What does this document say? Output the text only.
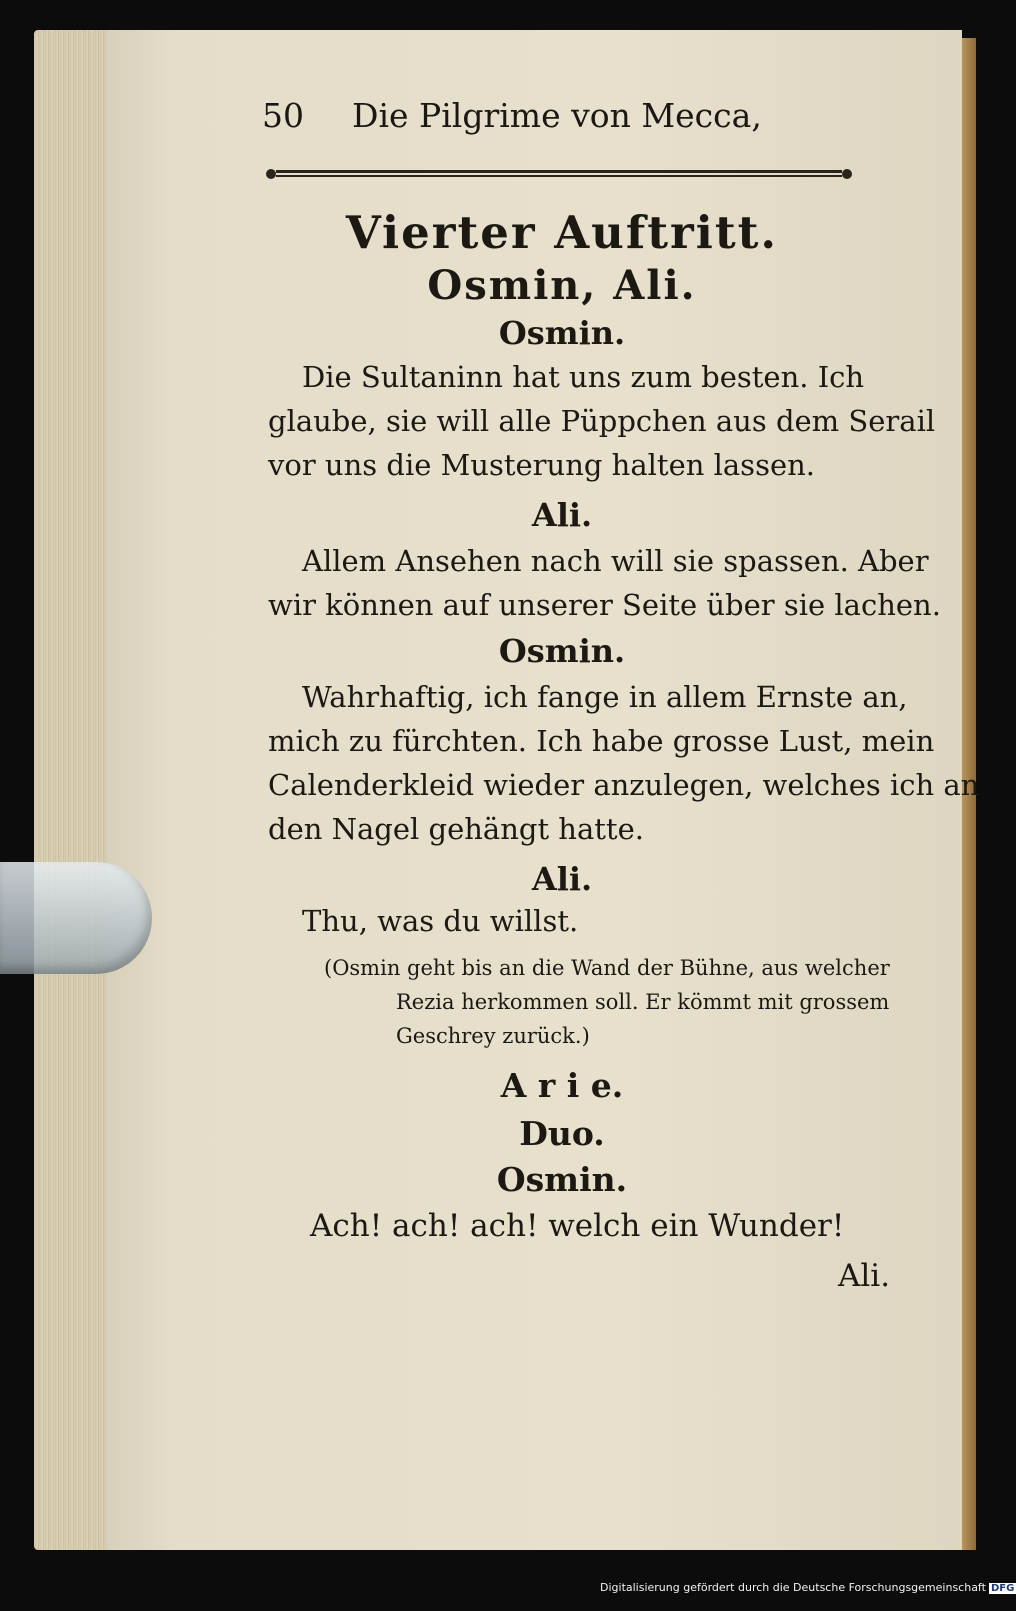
50 Die Pilgrime von Mecca,
Vierter Auftritt.
Osmin, Ali.
Osmin.
Die Sultaninn hat uns zum besten. Ich
glaube, sie will alle Püppchen aus dem Serail
vor uns die Musterung halten lassen.
Ali.
Allem Ansehen nach will sie spassen. Aber
wir können auf unserer Seite über sie lachen.
Osmin.
Wahrhaftig, ich fange in allem Ernste an,
mich zu fürchten. Ich habe grosse Lust, mein
Calenderkleid wieder anzulegen, welches ich an
den Nagel gehängt hatte.
Ali.
Thu, was du willst.
(Osmin geht bis an die Wand der Bühne, aus welcher
Rezia herkommen soll. Er kömmt mit grossem
Geschrey zurück.)
A r i e.
Duo.
Osmin.
Ach! ach! ach! welch ein Wunder!
Ali.
Digitalisierung gefördert durch die Deutsche Forschungsgemeinschaft DFG
